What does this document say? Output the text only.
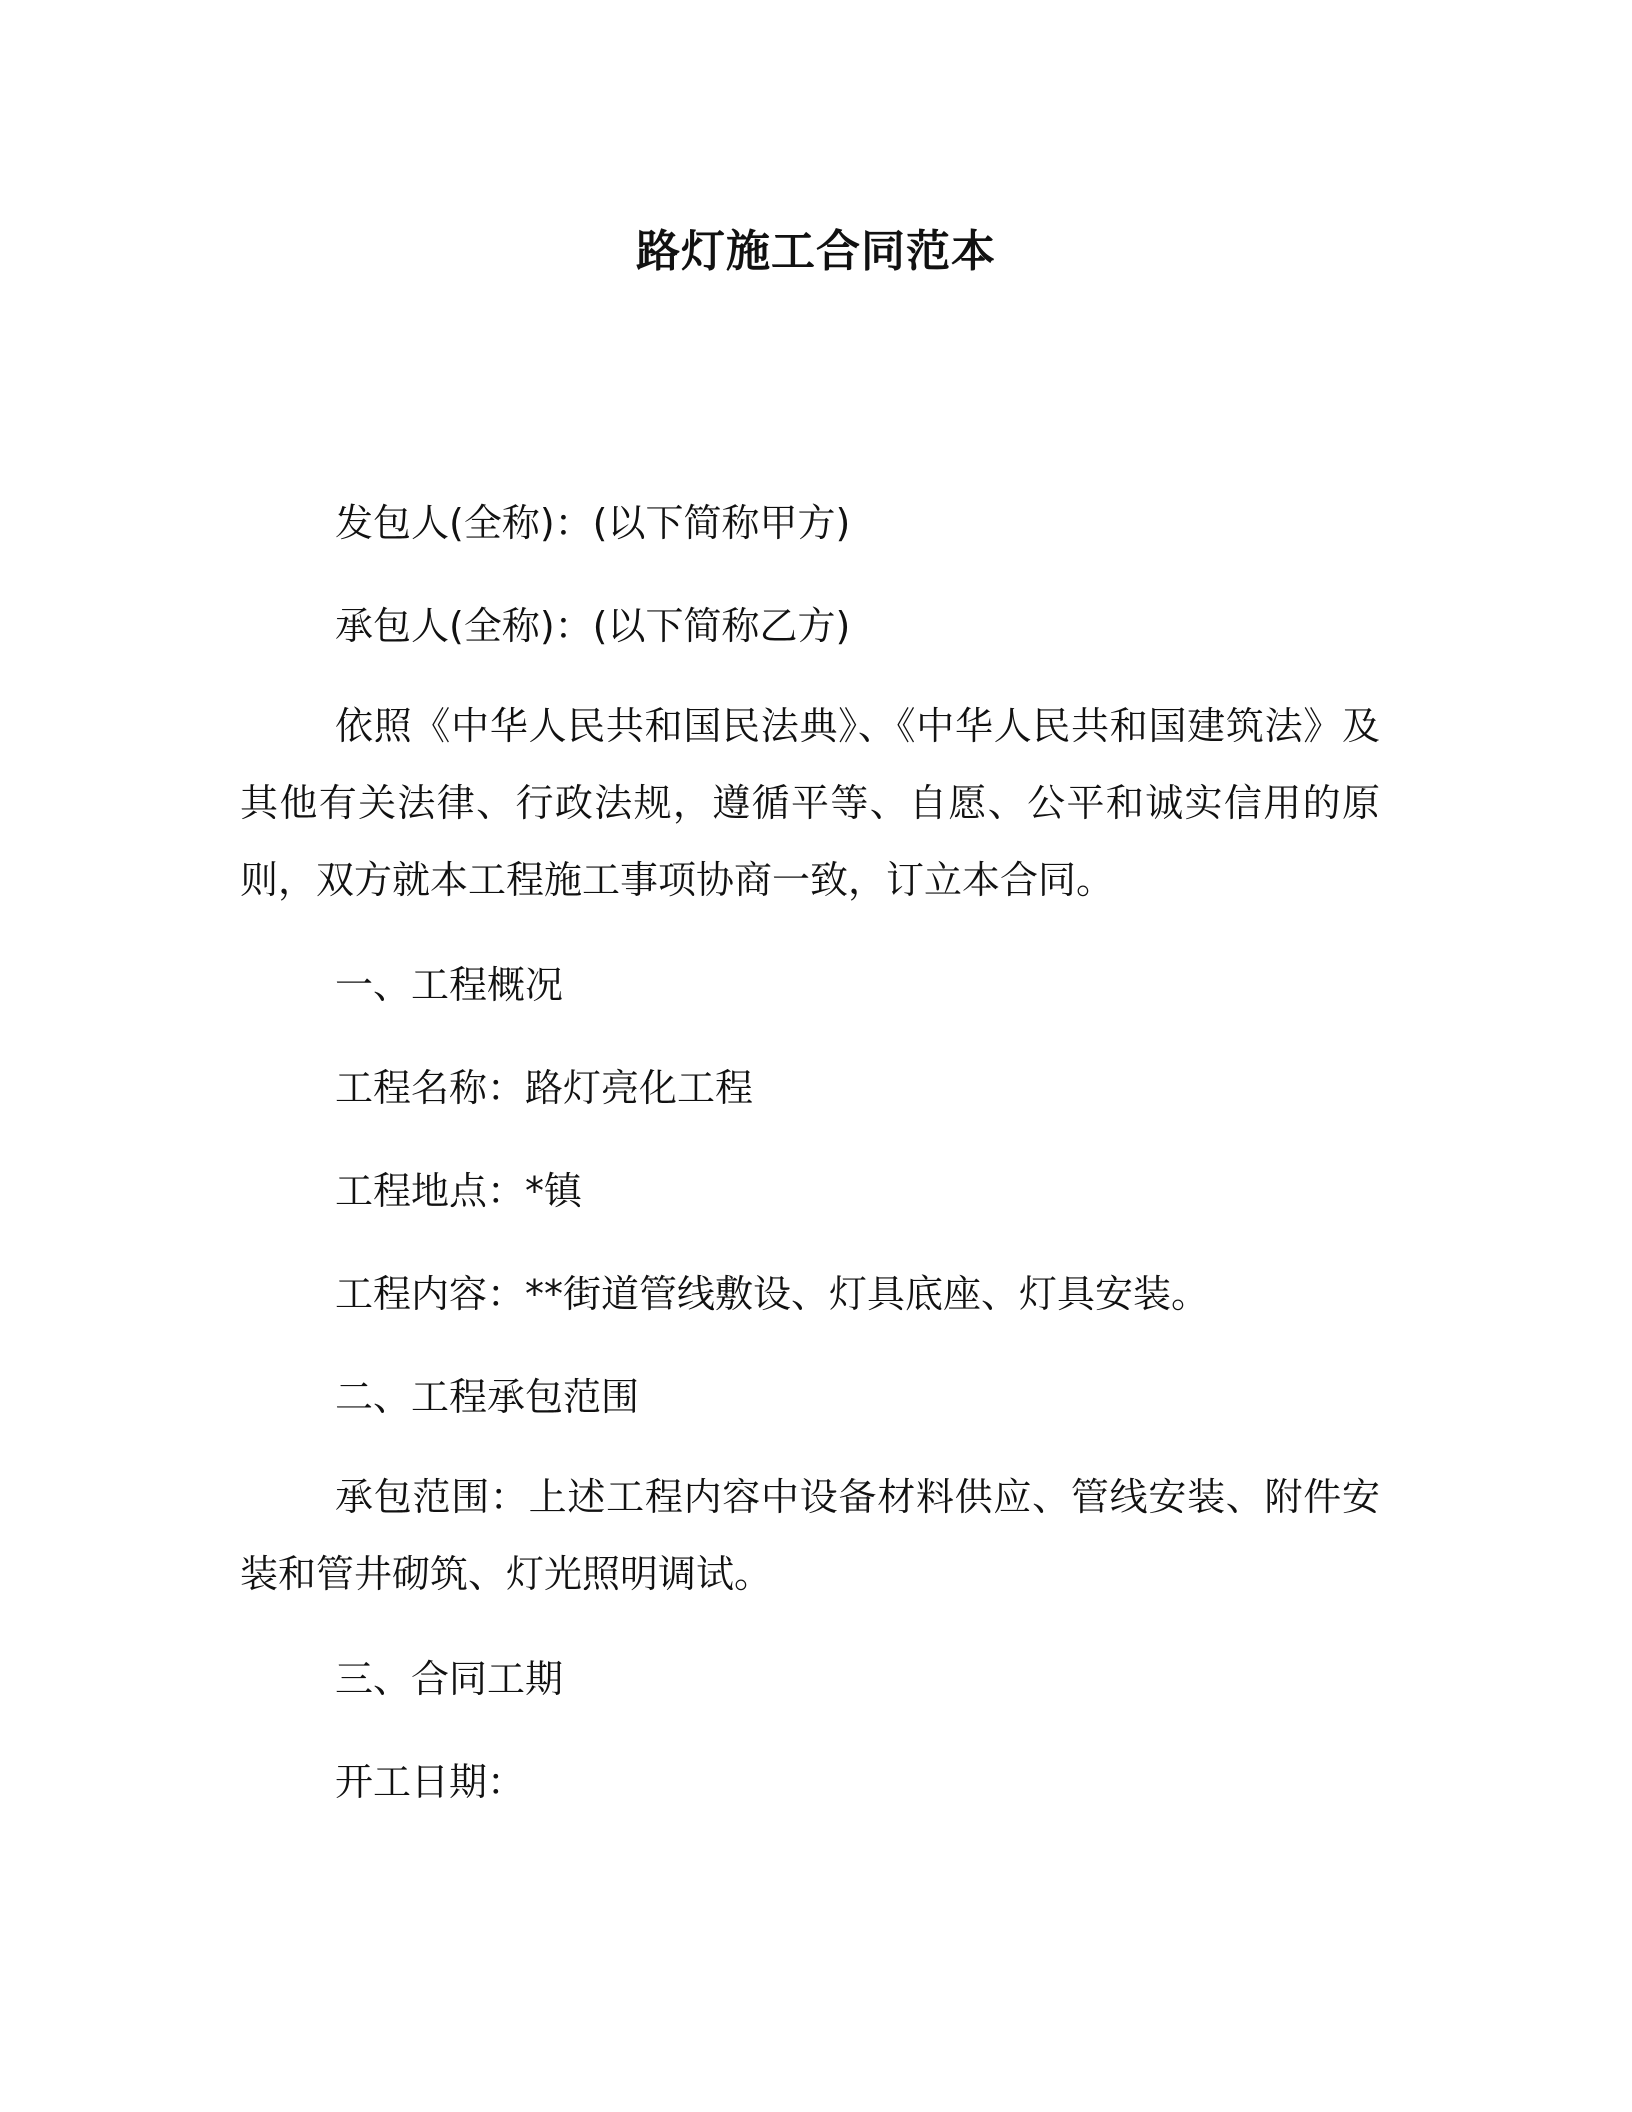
路灯施工合同范本
发包人(全称)：(以下简称甲方)
承包人(全称)：(以下简称乙方)
依照《中华人民共和国民法典》、《中华人民共和国建筑法》及其他有关法律、行政法规，遵循平等、自愿、公平和诚实信用的原则，双方就本工程施工事项协商一致，订立本合同。
一、工程概况
工程名称：路灯亮化工程
工程地点：*镇
工程内容：**街道管线敷设、灯具底座、灯具安装。
二、工程承包范围
承包范围：上述工程内容中设备材料供应、管线安装、附件安装和管井砌筑、灯光照明调试。
三、合同工期
开工日期：
